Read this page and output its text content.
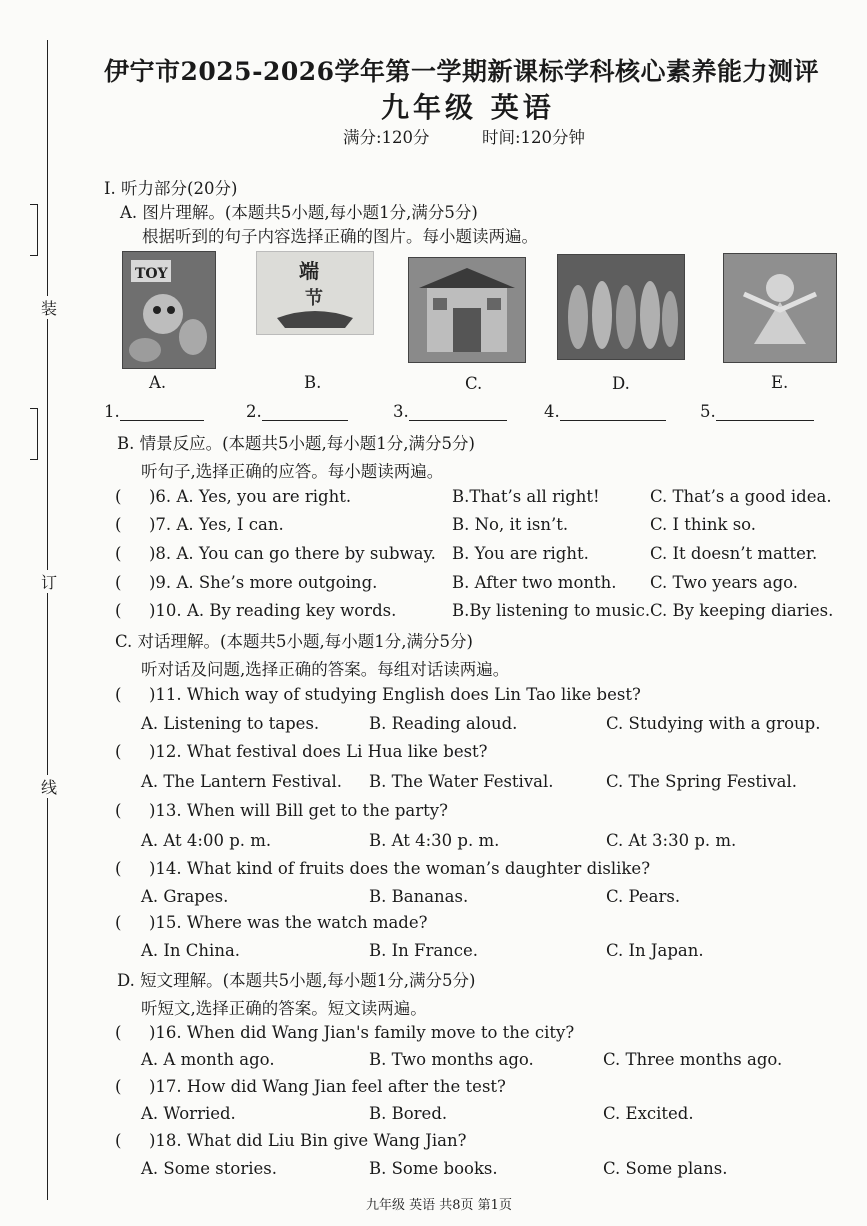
装
订
线
伊宁市2025-2026学年第一学期新课标学科核心素养能力测评
九年级 英语
满分:120分	时间:120分钟
I. 听力部分(20分)
A. 图片理解。(本题共5小题,每小题1分,满分5分)
根据听到的句子内容选择正确的图片。每小题读两遍。
TOY	端
节
A.	B.	C.	D.	E.
1.	2.	3.	4.	5.
B. 情景反应。(本题共5小题,每小题1分,满分5分)
听句子,选择正确的应答。每小题读两遍。
( )6. A. Yes, you are right.	B.That’s all right!	C. That’s a good idea.
( )7. A. Yes, I can.	B. No, it isn’t.	C. I think so.
( )8. A. You can go there by subway. B. You are right.	C. It doesn’t matter.
( )9. A. She’s more outgoing.	B. After two month. C. Two years ago.
( )10. A. By reading key words.	B.By listening to music. C. By keeping diaries.
C. 对话理解。(本题共5小题,每小题1分,满分5分)
听对话及问题,选择正确的答案。每组对话读两遍。
( )11. Which way of studying English does Lin Tao like best?
A. Listening to tapes.	B. Reading aloud.	C. Studying with a group.
( )12. What festival does Li Hua like best?
A. The Lantern Festival. B. The Water Festival.	C. The Spring Festival.
( )13. When will Bill get to the party?
A. At 4:00 p. m.	B. At 4:30 p. m.	C. At 3:30 p. m.
( )14. What kind of fruits does the woman’s daughter dislike?
A. Grapes.	B. Bananas.	C. Pears.
( )15. Where was the watch made?
A. In China.	B. In France.	C. In Japan.
D. 短文理解。(本题共5小题,每小题1分,满分5分)
听短文,选择正确的答案。短文读两遍。
( )16. When did Wang Jian's family move to the city?
A. A month ago.	B. Two months ago.	C. Three months ago.
( )17. How did Wang Jian feel after the test?
A. Worried.	B. Bored.	C. Excited.
( )18. What did Liu Bin give Wang Jian?
A. Some stories.	B. Some books.	C. Some plans.
九年级 英语 共8页 第1页
